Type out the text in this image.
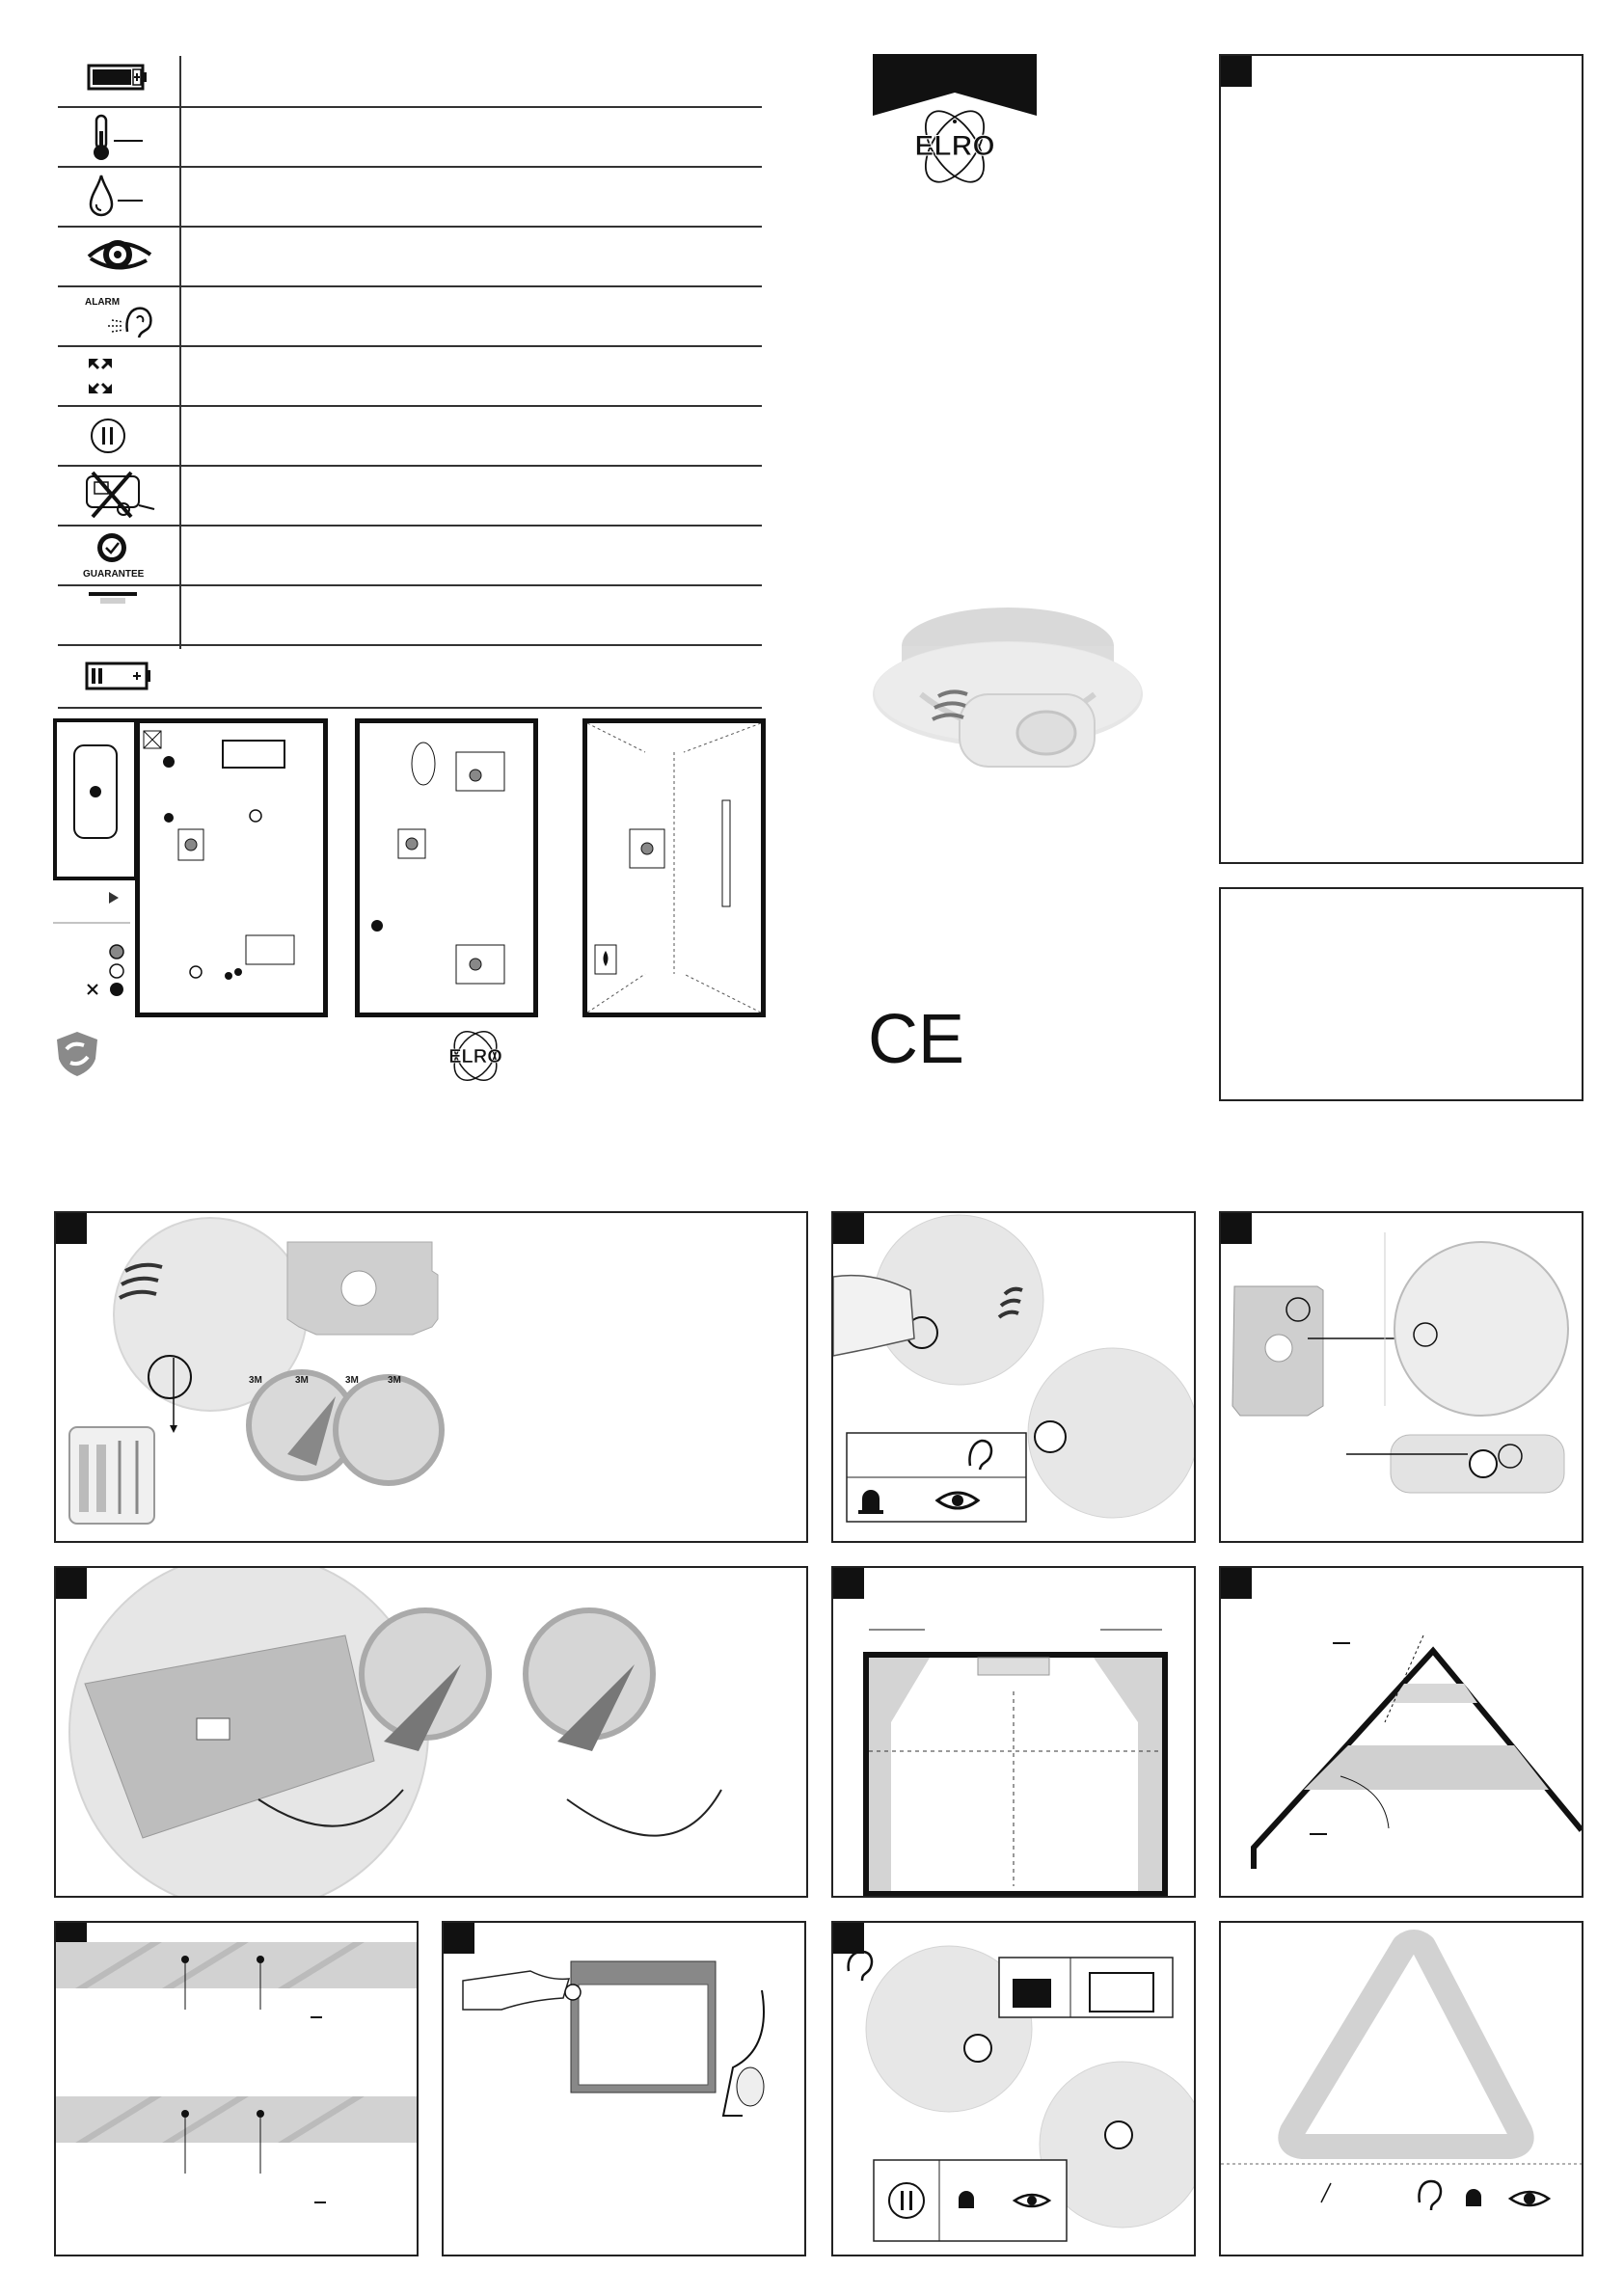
ALARM
GUARANTEE
ELRO
ELRO
CE
3M	3M	3M	3M
